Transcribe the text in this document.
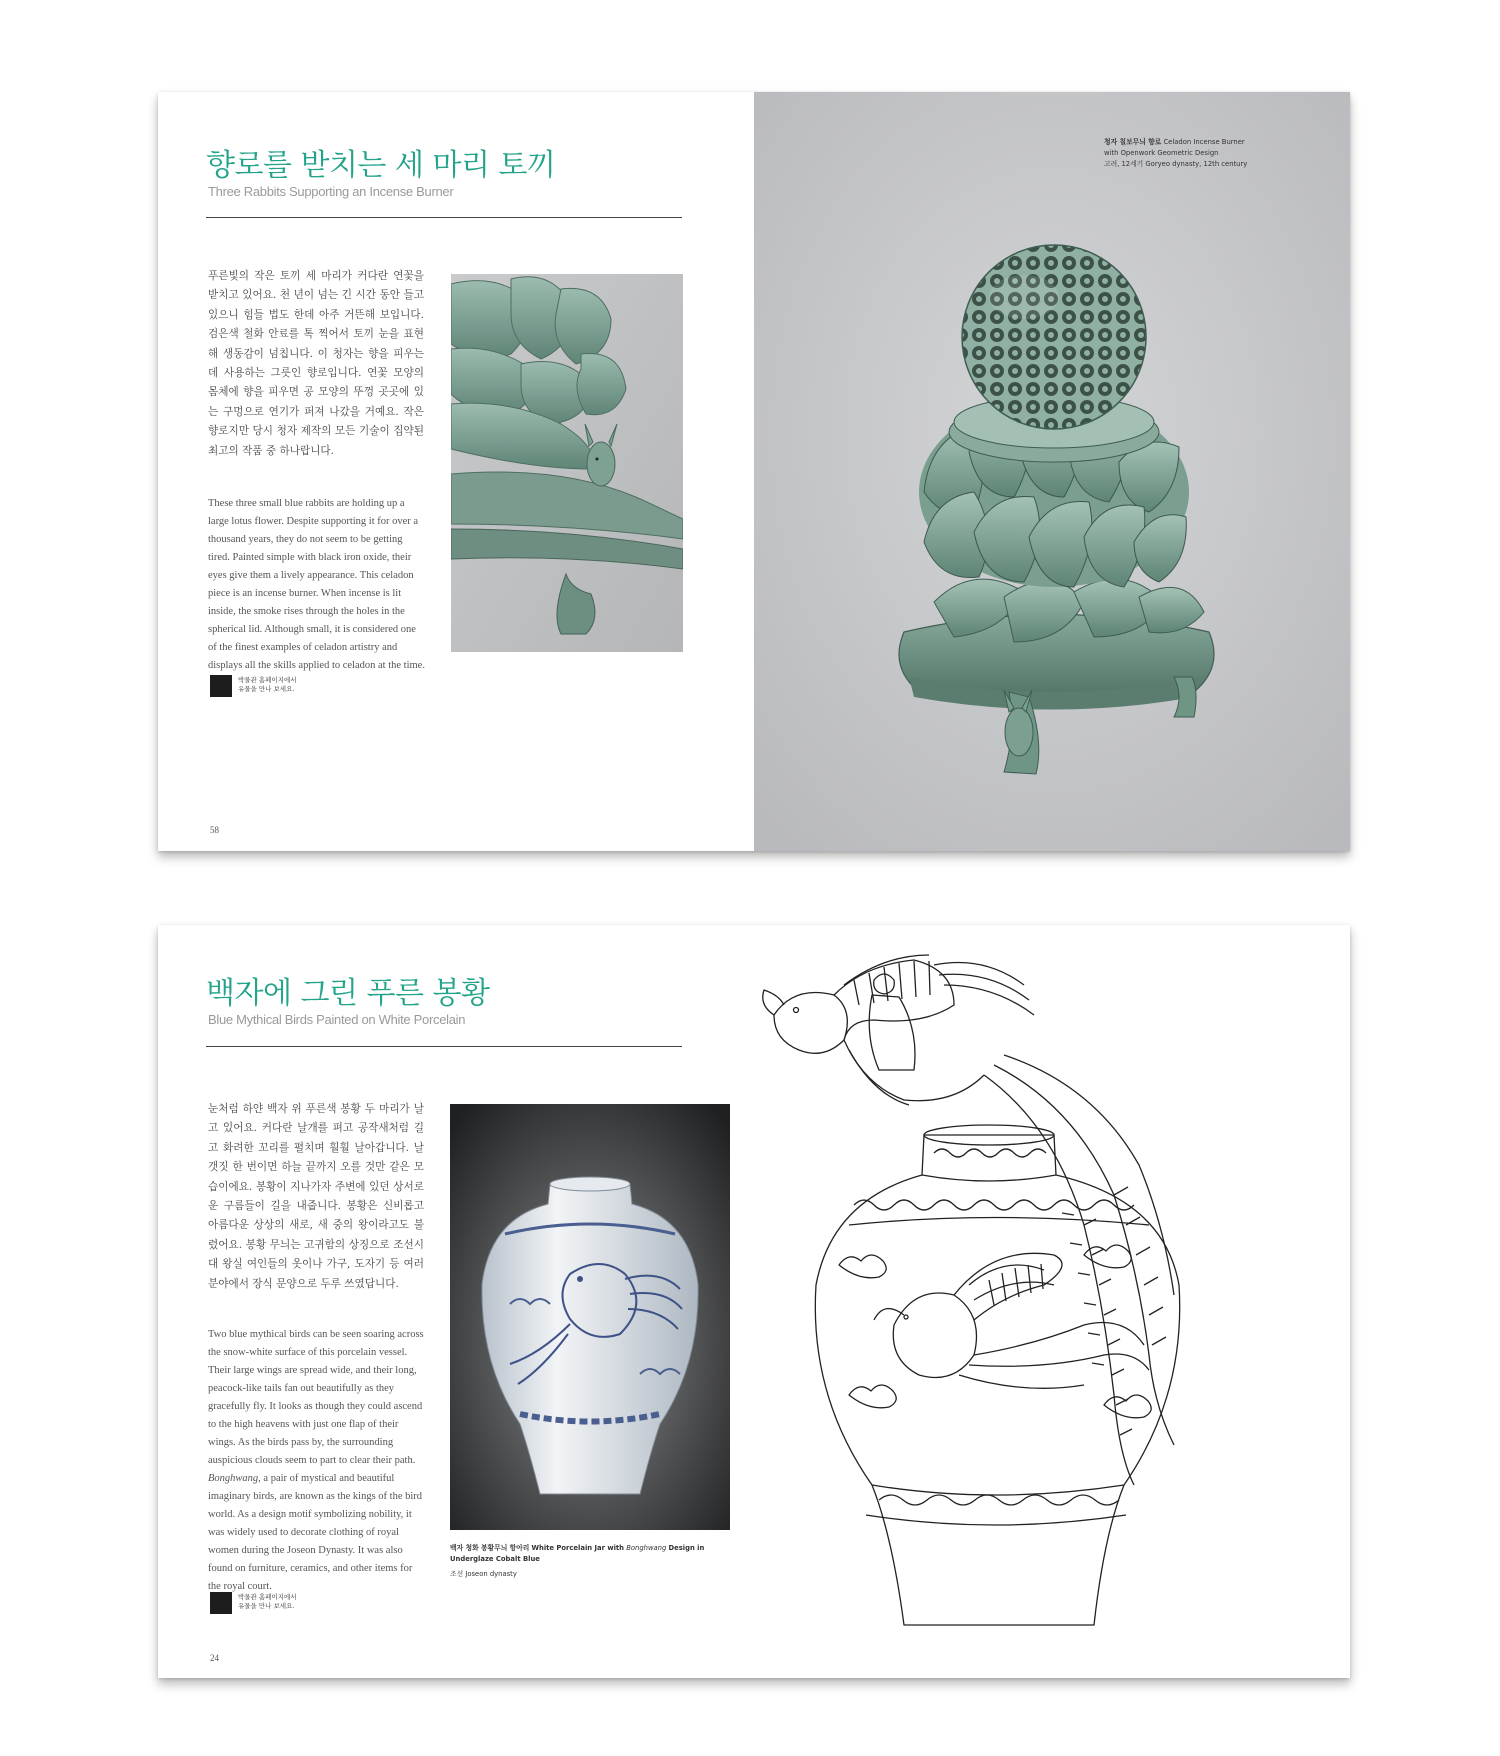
향로를 받치는 세 마리 토끼
Three Rabbits Supporting an Incense Burner
푸른빛의 작은 토끼 세 마리가 커다란 연꽃을 받치고 있어요. 천 년이 넘는 긴 시간 동안 들고 있으니 힘들 법도 한데 아주 거뜬해 보입니다. 검은색 철화 안료를 톡 찍어서 토끼 눈을 표현해 생동감이 넘칩니다. 이 청자는 향을 피우는 데 사용하는 그릇인 향로입니다. 연꽃 모양의 몸체에 향을 피우면 공 모양의 뚜껑 곳곳에 있는 구멍으로 연기가 퍼져 나갔을 거예요. 작은 향로지만 당시 청자 제작의 모든 기술이 집약된 최고의 작품 중 하나랍니다.
These three small blue rabbits are holding up a large lotus flower. Despite supporting it for over a thousand years, they do not seem to be getting tired. Painted simple with black iron oxide, their eyes give them a lively appearance. This celadon piece is an incense burner. When incense is lit inside, the smoke rises through the holes in the spherical lid. Although small, it is considered one of the finest examples of celadon artistry and displays all the skills applied to celadon at the time.
박물관 홈페이지에서
유물을 만나 보세요.
58
청자 칠보무늬 향로 Celadon Incense Burner
with Openwork Geometric Design
고려, 12세기 Goryeo dynasty, 12th century
백자에 그린 푸른 봉황
Blue Mythical Birds Painted on White Porcelain
눈처럼 하얀 백자 위 푸른색 봉황 두 마리가 날고 있어요. 커다란 날개를 펴고 공작새처럼 길고 화려한 꼬리를 펼치며 훨훨 날아갑니다. 날갯짓 한 번이면 하늘 끝까지 오를 것만 같은 모습이에요. 봉황이 지나가자 주변에 있던 상서로운 구름들이 길을 내줍니다. 봉황은 신비롭고 아름다운 상상의 새로, 새 중의 왕이라고도 불렸어요. 봉황 무늬는 고귀함의 상징으로 조선시대 왕실 여인들의 옷이나 가구, 도자기 등 여러 분야에서 장식 문양으로 두루 쓰였답니다.
Two blue mythical birds can be seen soaring across the snow-white surface of this porcelain vessel. Their large wings are spread wide, and their long, peacock-like tails fan out beautifully as they gracefully fly. It looks as though they could ascend to the high heavens with just one flap of their wings. As the birds pass by, the surrounding auspicious clouds seem to part to clear their path. Bonghwang, a pair of mystical and beautiful imaginary birds, are known as the kings of the bird world. As a design motif symbolizing nobility, it was widely used to decorate clothing of royal women during the Joseon Dynasty. It was also found on furniture, ceramics, and other items for the royal court.
백자 청화 봉황무늬 항아리 White Porcelain Jar with Bonghwang Design in
Underglaze Cobalt Blue
조선 Joseon dynasty
박물관 홈페이지에서
유물을 만나 보세요.
24
